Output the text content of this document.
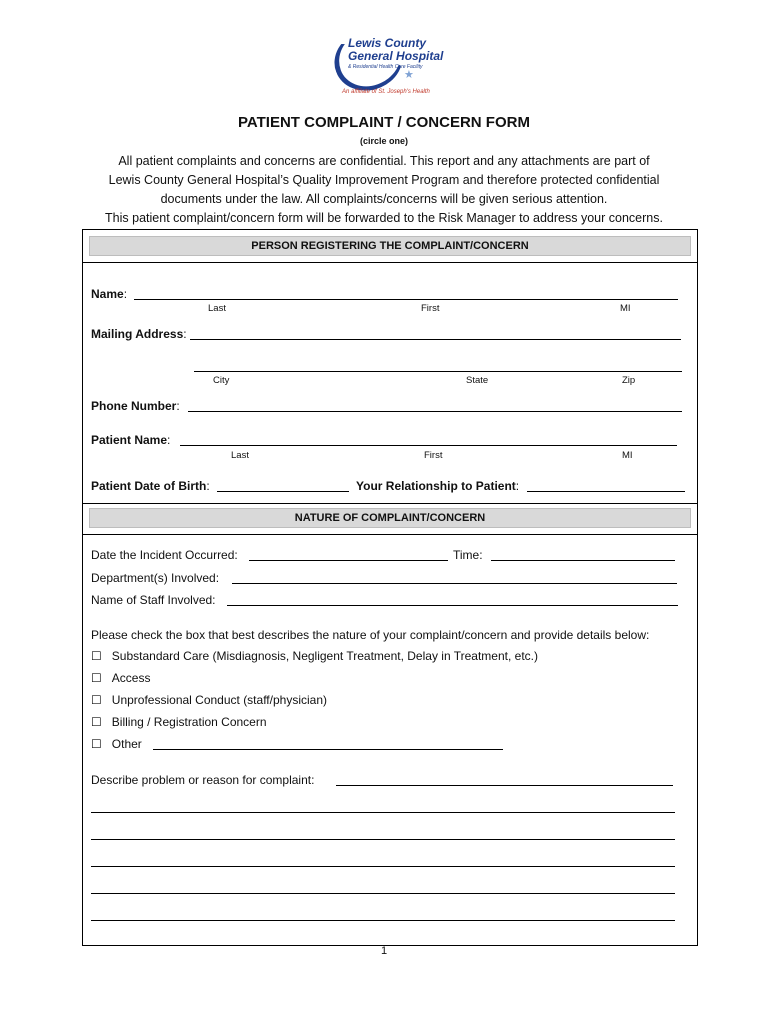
Lewis County
General Hospital
& Residential Health Care Facility
★
An affiliate of St. Joseph's Health
PATIENT COMPLAINT / CONCERN FORM
(circle one)
All patient complaints and concerns are confidential. This report and any attachments are part of
Lewis County General Hospital’s Quality Improvement Program and therefore protected confidential
documents under the law. All complaints/concerns will be given serious attention.
This patient complaint/concern form will be forwarded to the Risk Manager to address your concerns.
PERSON REGISTERING THE COMPLAINT/CONCERN
Name:
Last	First	MI
Mailing Address:
City	State	Zip
Phone Number:
Patient Name:
Last	First	MI
Patient Date of Birth:	Your Relationship to Patient:
NATURE OF COMPLAINT/CONCERN
Date the Incident Occurred:	Time:
Department(s) Involved:
Name of Staff Involved:
Please check the box that best describes the nature of your complaint/concern and provide details below:
☐ Substandard Care (Misdiagnosis, Negligent Treatment, Delay in Treatment, etc.)
☐ Access
☐ Unprofessional Conduct (staff/physician)
☐ Billing / Registration Concern
☐ Other
Describe problem or reason for complaint:
1
